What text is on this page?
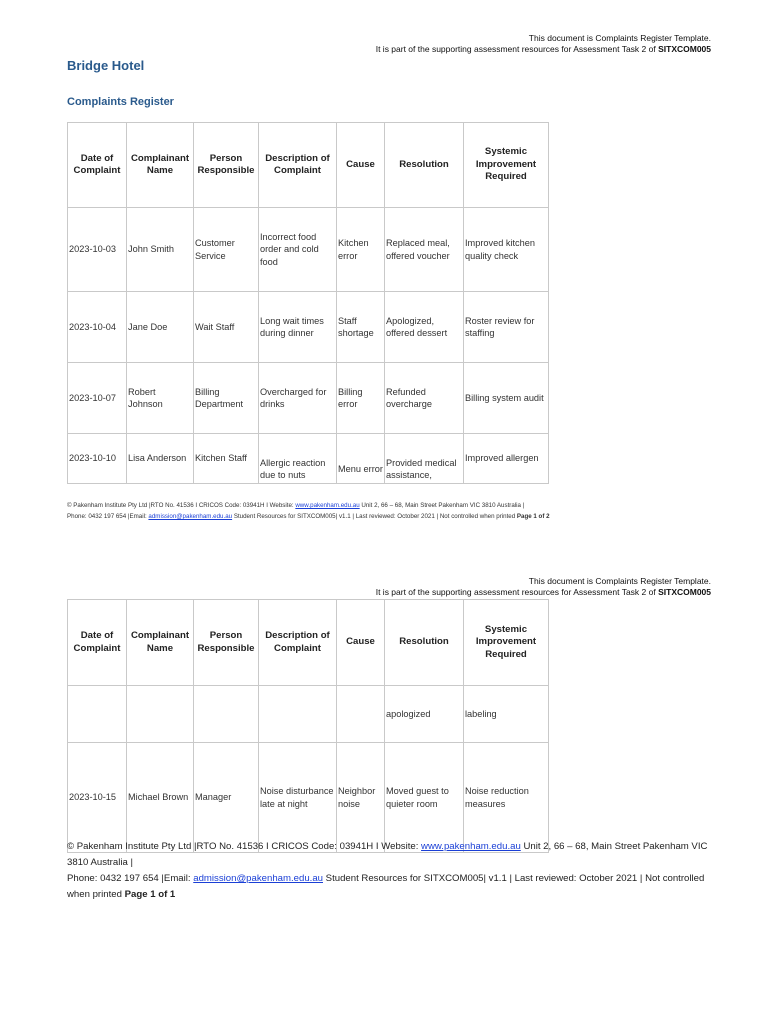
This document is Complaints Register Template.
It is part of the supporting assessment resources for Assessment Task 2 of SITXCOM005
Bridge Hotel
Complaints Register
Date of Complaint	Complainant Name	Person Responsible	Description of Complaint	Cause	Resolution	Systemic Improvement Required
2023-10-03	John Smith	Customer Service	Incorrect food order and cold food	Kitchen error	Replaced meal, offered voucher	Improved kitchen quality check
2023-10-04	Jane Doe	Wait Staff	Long wait times during dinner	Staff shortage	Apologized, offered dessert	Roster review for staffing
2023-10-07	Robert Johnson	Billing Department	Overcharged for drinks	Billing error	Refunded overcharge	Billing system audit
2023-10-10	Lisa Anderson	Kitchen Staff	Allergic reaction due to nuts	Menu error	Provided medical assistance,	Improved allergen
© Pakenham Institute Pty Ltd |RTO No. 41536 I CRICOS Code: 03941H I Website: www.pakenham.edu.au Unit 2, 66 – 68, Main Street Pakenham VIC 3810 Australia |
Phone: 0432 197 654 |Email: admission@pakenham.edu.au Student Resources for SITXCOM005| v1.1 | Last reviewed: October 2021 | Not controlled when printed Page 1 of 2
This document is Complaints Register Template.
It is part of the supporting assessment resources for Assessment Task 2 of SITXCOM005
Date of Complaint	Complainant Name	Person Responsible	Description of Complaint	Cause	Resolution	Systemic Improvement Required
					apologized	labeling
2023-10-15	Michael Brown	Manager	Noise disturbance late at night	Neighbor noise	Moved guest to quieter room	Noise reduction measures
© Pakenham Institute Pty Ltd |RTO No. 41536 I CRICOS Code: 03941H I Website: www.pakenham.edu.au Unit 2, 66 – 68, Main Street Pakenham VIC 3810 Australia |
Phone: 0432 197 654 |Email: admission@pakenham.edu.au Student Resources for SITXCOM005| v1.1 | Last reviewed: October 2021 | Not controlled when printed Page 1 of 1
